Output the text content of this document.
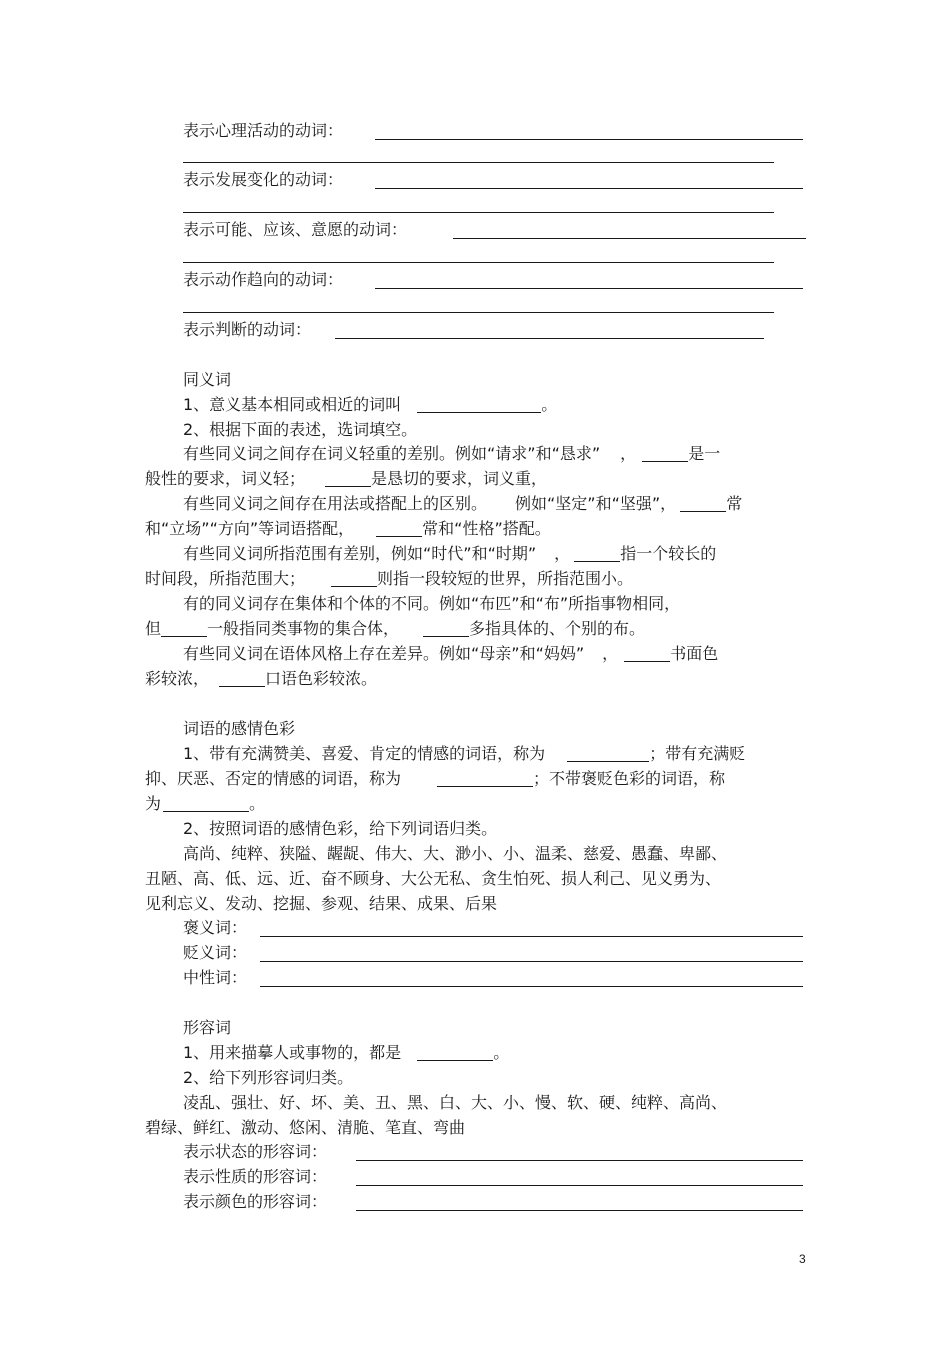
表示心理活动的动词：
表示发展变化的动词：
表示可能、应该、意愿的动词：
表示动作趋向的动词：
表示判断的动词：
同义词
1、意义基本相同或相近的词叫	。
2、根据下面的表述，选词填空。
有些同义词之间存在词义轻重的差别。例如“请求”和“恳求” ，	是一
般性的要求，词义轻；	是恳切的要求，词义重，
有些同义词之间存在用法或搭配上的区别。 例如“坚定”和“坚强”，	常
和“立场”“方向”等词语搭配，	常和“性格”搭配。
有些同义词所指范围有差别，例如“时代”和“时期” ，	指一个较长的
时间段，所指范围大；	则指一段较短的世界，所指范围小。
有的同义词存在集体和个体的不同。例如“布匹”和“布”所指事物相同，
但	一般指同类事物的集合体，	多指具体的、个别的布。
有些同义词在语体风格上存在差异。例如“母亲”和“妈妈” ，	书面色
彩较浓，	口语色彩较浓。
词语的感情色彩
1、带有充满赞美、喜爱、肯定的情感的词语，称为	；带有充满贬
抑、厌恶、否定的情感的词语，称为	；不带褒贬色彩的词语，称
为	。
2、按照词语的感情色彩，给下列词语归类。
高尚、纯粹、狭隘、龌龊、伟大、大、渺小、小、温柔、慈爱、愚蠢、卑鄙、
丑陋、高、低、远、近、奋不顾身、大公无私、贪生怕死、损人利己、见义勇为、
见利忘义、发动、挖掘、参观、结果、成果、后果
褒义词：
贬义词：
中性词：
形容词
1、用来描摹人或事物的，都是	。
2、给下列形容词归类。
凌乱、强壮、好、坏、美、丑、黑、白、大、小、慢、软、硬、纯粹、高尚、
碧绿、鲜红、激动、悠闲、清脆、笔直、弯曲
表示状态的形容词：
表示性质的形容词：
表示颜色的形容词：
3
